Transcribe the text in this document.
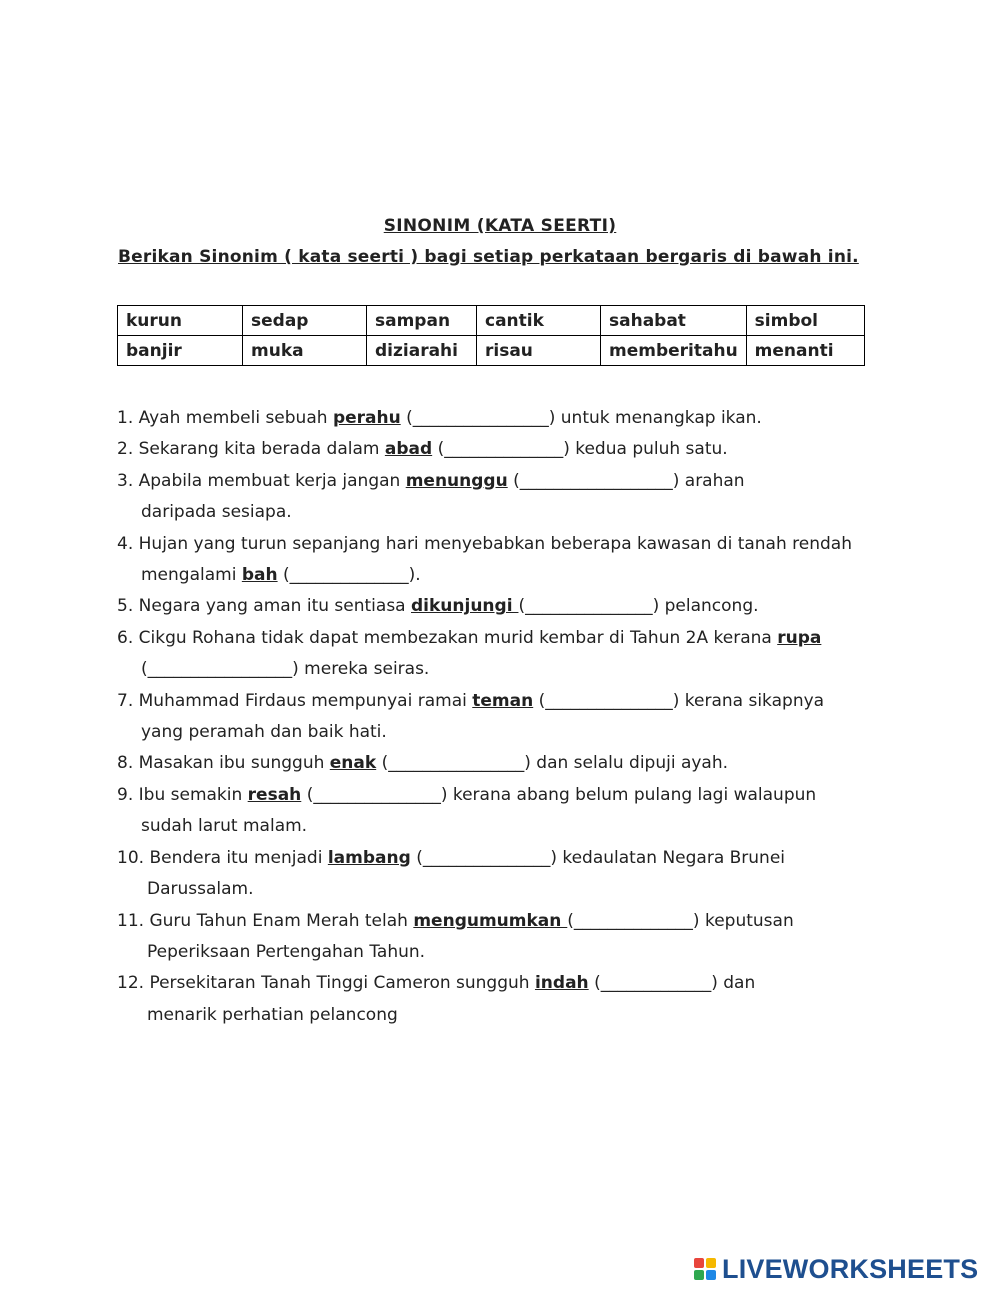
SINONIM (KATA SEERTI)
Berikan Sinonim ( kata seerti ) bagi setiap perkataan bergaris di bawah ini.
kurun	sedap	sampan	cantik	sahabat	simbol
banjir	muka	diziarahi	risau	memberitahu	menanti

1. Ayah membeli sebuah perahu (________________) untuk menangkap ikan.

2. Sekarang kita berada dalam abad (______________) kedua puluh satu.

3. Apabila membuat kerja jangan menunggu (__________________) arahan
daripada sesiapa.

4. Hujan yang turun sepanjang hari menyebabkan beberapa kawasan di tanah rendah
mengalami bah (______________).

5. Negara yang aman itu sentiasa dikunjungi (_______________) pelancong.

6. Cikgu Rohana tidak dapat membezakan murid kembar di Tahun 2A kerana rupa
(_________________) mereka seiras.

7. Muhammad Firdaus mempunyai ramai teman (_______________) kerana sikapnya
yang peramah dan baik hati.

8. Masakan ibu sungguh enak (________________) dan selalu dipuji ayah.

9. Ibu semakin resah (_______________) kerana abang belum pulang lagi walaupun
sudah larut malam.

10. Bendera itu menjadi lambang (_______________) kedaulatan Negara Brunei
Darussalam.

11. Guru Tahun Enam Merah telah mengumumkan (______________) keputusan
Peperiksaan Pertengahan Tahun.

12. Persekitaran Tanah Tinggi Cameron sungguh indah (_____________) dan
menarik perhatian pelancong

LIVEWORKSHEETS
